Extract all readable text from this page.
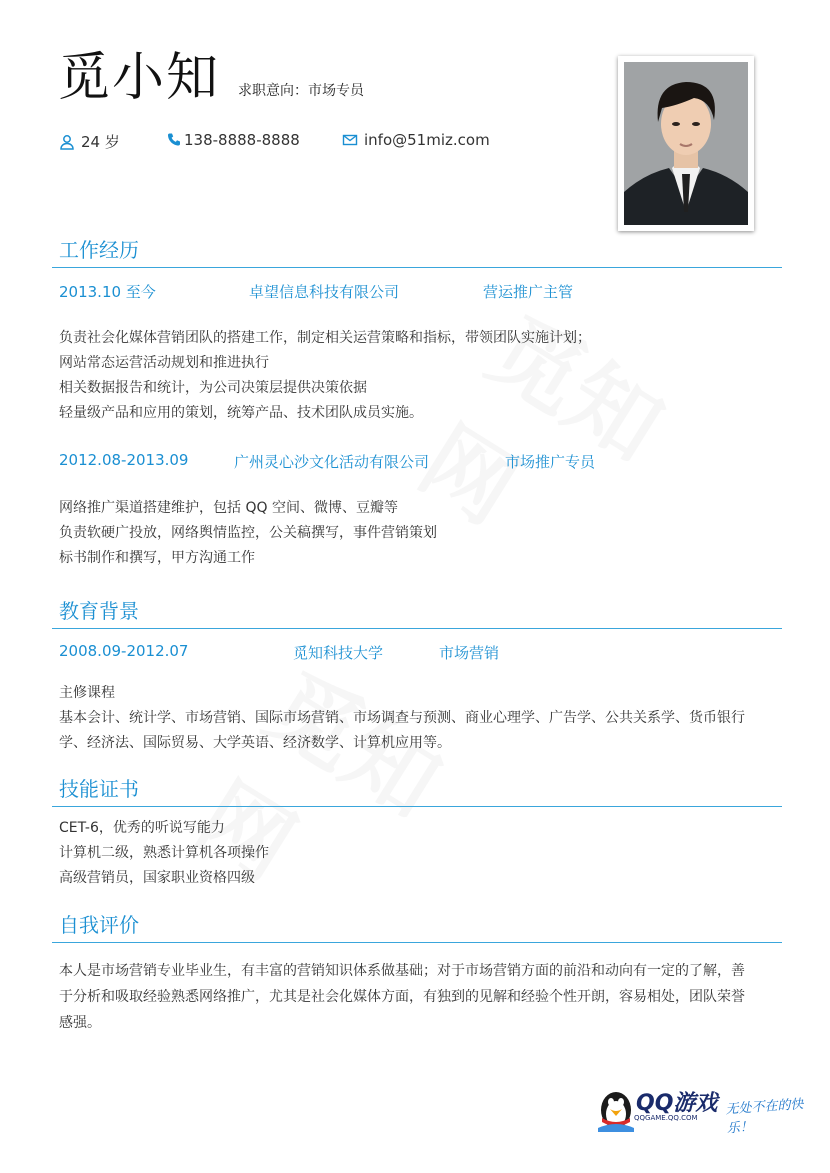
觅小知 求职意向：市场专员
24 岁	138-8888-8888	info@51miz.com
工作经历
2013.10 至今	卓望信息科技有限公司	营运推广主管
负责社会化媒体营销团队的搭建工作，制定相关运营策略和指标，带领团队实施计划；
网站常态运营活动规划和推进执行
相关数据报告和统计，为公司决策层提供决策依据
轻量级产品和应用的策划，统筹产品、技术团队成员实施。
2012.08-2013.09	广州灵心沙文化活动有限公司	市场推广专员
网络推广渠道搭建维护，包括 QQ 空间、微博、豆瓣等
负责软硬广投放，网络舆情监控，公关稿撰写，事件营销策划
标书制作和撰写，甲方沟通工作
教育背景
2008.09-2012.07	觅知科技大学	市场营销
主修课程
基本会计、统计学、市场营销、国际市场营销、市场调查与预测、商业心理学、广告学、公共关系学、货币银行
学、经济法、国际贸易、大学英语、经济数学、计算机应用等。
技能证书
CET-6，优秀的听说写能力
计算机二级，熟悉计算机各项操作
高级营销员，国家职业资格四级
自我评价
本人是市场营销专业毕业生，有丰富的营销知识体系做基础；对于市场营销方面的前沿和动向有一定的了解，善
于分析和吸取经验熟悉网络推广，尤其是社会化媒体方面，有独到的见解和经验个性开朗，容易相处，团队荣誉
感强。
QQ游戏
QQGAME.QQ.COM
无处不在的快乐！
